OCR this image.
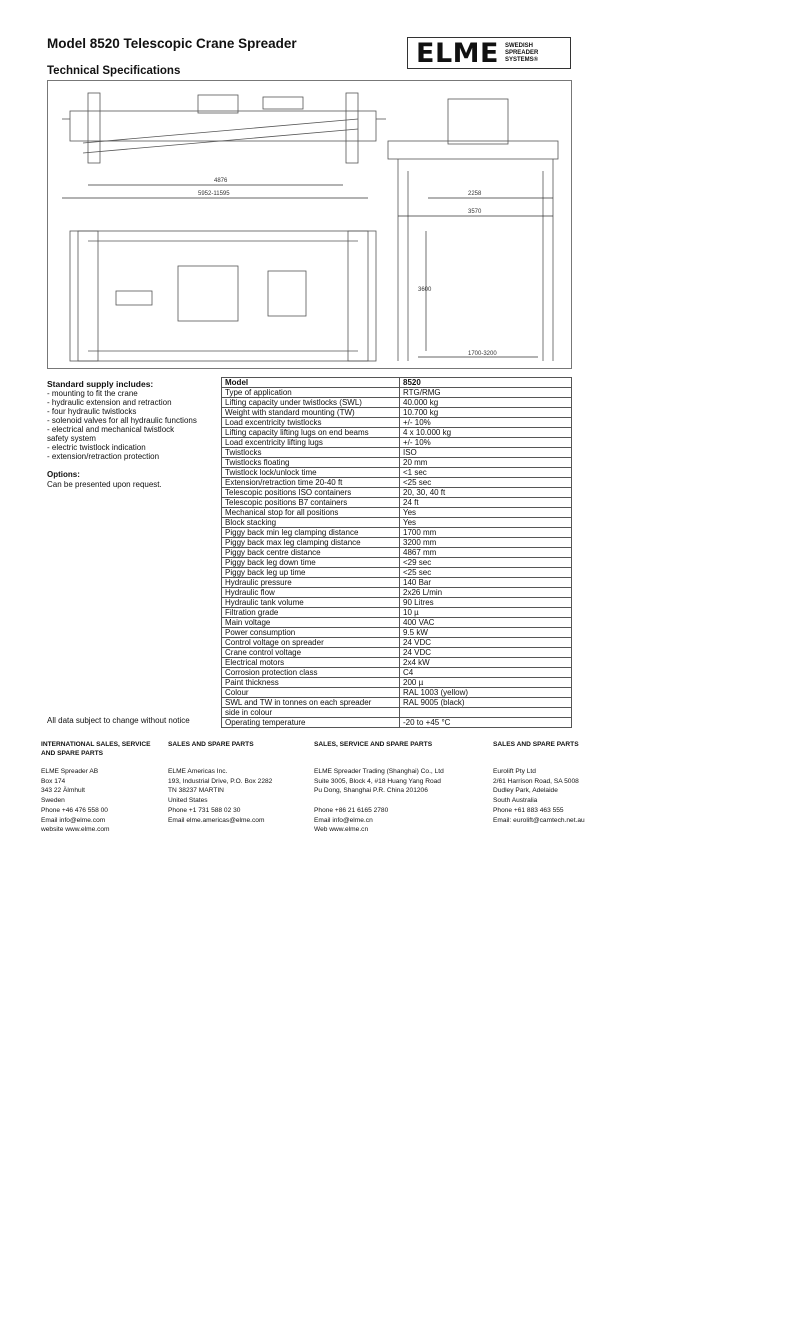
Model 8520 Telescopic Crane Spreader
Technical Specifications
ELME SWEDISH
SPREADER
SYSTEMS®
4876
5952-11595	2258
3570
3600
1700-3200
Standard supply includes:
- mounting to fit the crane
- hydraulic extension and retraction
- four hydraulic twistlocks
- solenoid valves for all hydraulic functions
- electrical and mechanical twistlock
safety system
- electric twistlock indication
- extension/retraction protection
Options:
Can be presented upon request.
All data subject to change without notice
Model	8520
Type of application	RTG/RMG
Lifting capacity under twistlocks (SWL)	40.000 kg
Weight with standard mounting (TW)	10.700 kg
Load excentricity twistlocks	+/- 10%
Lifting capacity lifting lugs on end beams	4 x 10.000 kg
Load excentricity lifting lugs	+/- 10%
Twistlocks	ISO
Twistlocks floating	20 mm
Twistlock lock/unlock time	<1 sec
Extension/retraction time 20-40 ft	<25 sec
Telescopic positions ISO containers	20, 30, 40 ft
Telescopic positions B7 containers	24 ft
Mechanical stop for all positions	Yes
Block stacking	Yes
Piggy back min leg clamping distance	1700 mm
Piggy back max leg clamping distance	3200 mm
Piggy back centre distance	4867 mm
Piggy back leg down time	<29 sec
Piggy back leg up time	<25 sec
Hydraulic pressure	140 Bar
Hydraulic flow	2x26 L/min
Hydraulic tank volume	90 Litres
Filtration grade	10 µ
Main voltage	400 VAC
Power consumption	9.5 kW
Control voltage on spreader	24 VDC
Crane control voltage	24 VDC
Electrical motors	2x4 kW
Corrosion protection class	C4
Paint thickness	200 µ
Colour	RAL 1003 (yellow)
SWL and TW in tonnes on each spreader	RAL 9005 (black)
side in colour	
Operating temperature	-20 to +45 °C
INTERNATIONAL SALES, SERVICE AND SPARE PARTS
ELME Spreader AB
Box 174
343 22 Älmhult
Sweden
Phone +46 476 558 00
Email info@elme.com
website www.elme.com
SALES AND SPARE PARTS
ELME Americas Inc.
193, Industrial Drive, P.O. Box 2282
TN 38237 MARTIN
United States
Phone +1 731 588 02 30
Email elme.americas@elme.com
SALES, SERVICE AND SPARE PARTS
ELME Spreader Trading (Shanghai) Co., Ltd
Suite 3005, Block 4, #18 Huang Yang Road
Pu Dong, Shanghai P.R. China 201206
Phone +86 21 6165 2780
Email info@elme.cn
Web www.elme.cn
SALES AND SPARE PARTS
Eurolift Pty Ltd
2/61 Harrison Road, SA 5008
Dudley Park, Adelaide
South Australia
Phone +61 883 463 555
Email: eurolift@camtech.net.au
